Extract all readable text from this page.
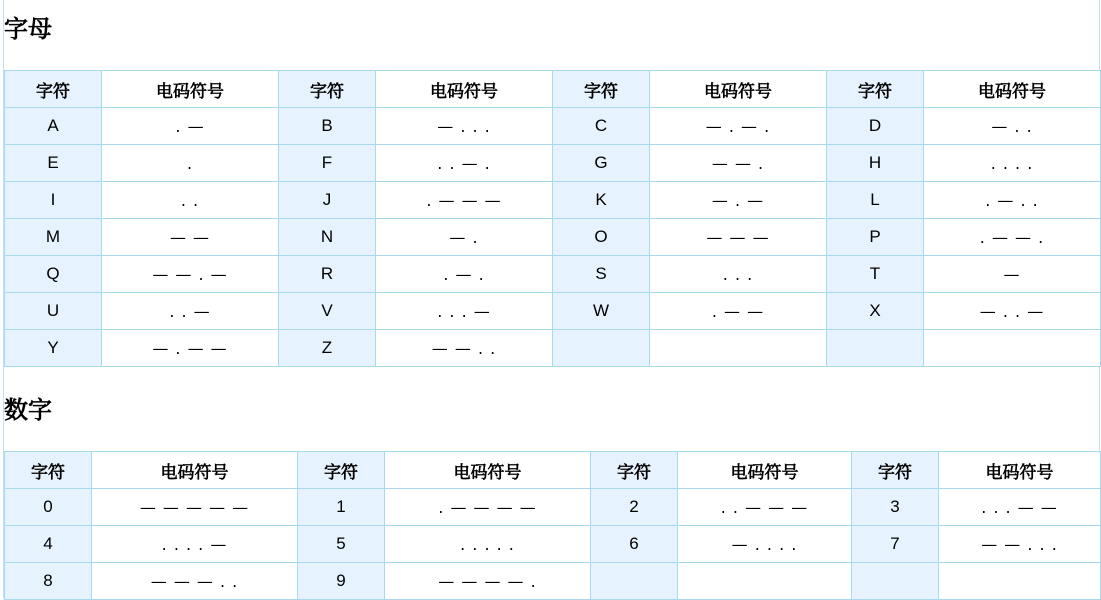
字母
字符	电码符号	字符	电码符号	字符	电码符号	字符	电码符号
A	. —	B	— . . .	C	— . — .	D	— . .
E	.	F	. . — .	G	— — .	H	. . . .
I	. .	J	. — — —	K	— . —	L	. — . .
M	— —	N	— .	O	— — —	P	. — — .
Q	— — . —	R	. — .	S	. . .	T	—
U	. . —	V	. . . —	W	. — —	X	— . . —
Y	— . — —	Z	— — . .				
数字
字符	电码符号	字符	电码符号	字符	电码符号	字符	电码符号
0	— — — — —	1	. — — — —	2	. . — — —	3	. . . — —
4	. . . . —	5	. . . . .	6	— . . . .	7	— — . . .
8	— — — . .	9	— — — — .				
